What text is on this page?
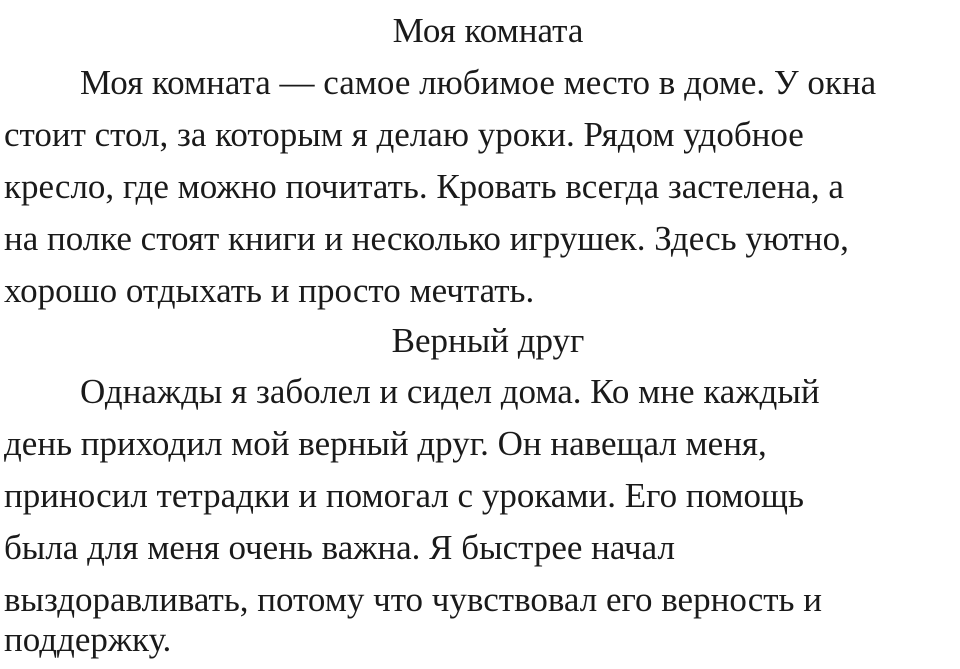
Моя комната
Моя комната — самое любимое место в доме. У окна
стоит стол, за которым я делаю уроки. Рядом удобное
кресло, где можно почитать. Кровать всегда застелена, а
на полке стоят книги и несколько игрушек. Здесь уютно,
хорошо отдыхать и просто мечтать.
Верный друг
Однажды я заболел и сидел дома. Ко мне каждый
день приходил мой верный друг. Он навещал меня,
приносил тетрадки и помогал с уроками. Его помощь
была для меня очень важна. Я быстрее начал
выздоравливать, потому что чувствовал его верность и
поддержку.
